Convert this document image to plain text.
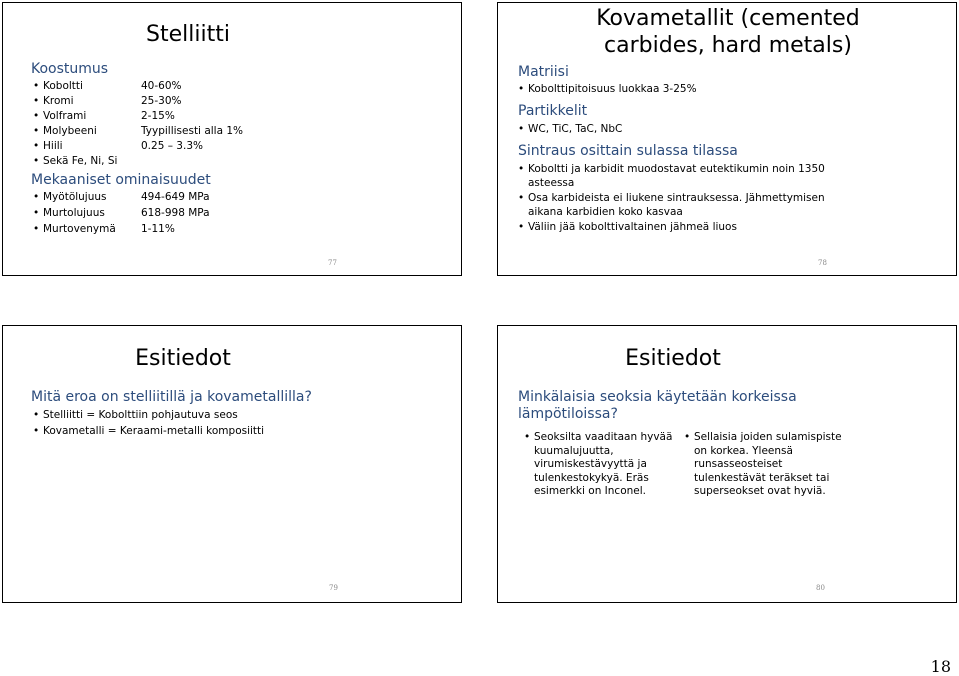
Stelliitti
Koostumus
• Koboltti	40-60%
• Kromi	25-30%
• Volframi	2-15%
• Molybeeni	Tyypillisesti alla 1%
• Hiili	0.25 – 3.3%
• Sekä Fe, Ni, Si
Mekaaniset ominaisuudet
• Myötölujuus	494-649 MPa
• Murtolujuus	618-998 MPa
• Murtovenymä 1-11%
77
Kovametallit (cemented
carbides, hard metals)
Matriisi
• Kobolttipitoisuus luokkaa 3-25%
Partikkelit
• WC, TiC, TaC, NbC
Sintraus osittain sulassa tilassa
• Koboltti ja karbidit muodostavat eutektikumin noin 1350
asteessa
• Osa karbideista ei liukene sintrauksessa. Jähmettymisen
aikana karbidien koko kasvaa
• Väliin jää kobolttivaltainen jähmeä liuos
78
Esitiedot
Mitä eroa on stelliitillä ja kovametallilla?
• Stelliitti = Kobolttiin pohjautuva seos
• Kovametalli = Keraami-metalli komposiitti
79
Esitiedot
Minkälaisia seoksia käytetään korkeissa
lämpötiloissa?
• Seoksilta vaaditaan hyvää
kuumalujuutta,
virumiskestävyyttä ja
tulenkestokykyä. Eräs
esimerkki on Inconel.
• Sellaisia joiden sulamispiste
on korkea. Yleensä
runsasseosteiset
tulenkestävät teräkset tai
superseokset ovat hyviä.
80
18
